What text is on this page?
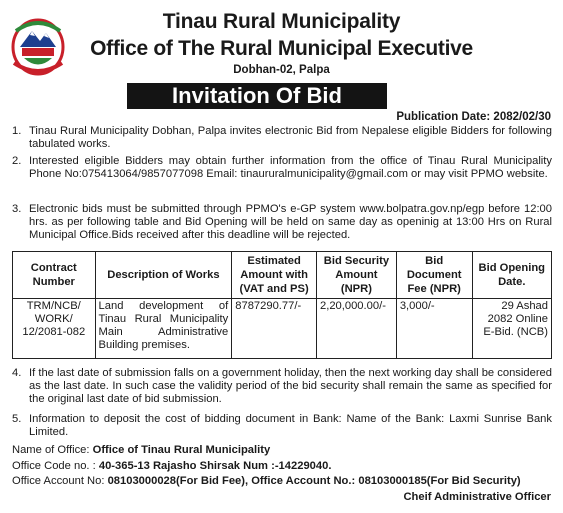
Tinau Rural Municipality
Office of The Rural Municipal Executive
Dobhan-02, Palpa
Invitation Of Bid
Publication Date: 2082/02/30
1. Tinau Rural Municipality Dobhan, Palpa invites electronic Bid from Nepalese eligible Bidders for following tabulated works.
2. Interested eligible Bidders may obtain further information from the office of Tinau Rural Municipality Phone No:075413064/9857077098 Email: tinaururalmunicipality@gmail.com or may visit PPMO website.
3. Electronic bids must be submitted through PPMO's e-GP system www.bolpatra.gov.np/egp before 12:00 hrs. as per following table and Bid Opening will be held on same day as openinig at 13:00 Hrs on Rural Municipal Office.Bids received after this deadline will be rejected.
Contract Number	Description of Works	Estimated Amount with (VAT and PS)	Bid Security Amount (NPR)	Bid Document Fee (NPR)	Bid Opening Date.
TRM/NCB/ WORK/ 12/2081-082	Land development of Tinau Rural Municipality Main Administrative Building premises.	8787290.77/-	2,20,000.00/-	3,000/-	29 Ashad 2082 Online E-Bid. (NCB)
4. If the last date of submission falls on a government holiday, then the next working day shall be considered as the last date. In such case the validity period of the bid security shall remain the same as specified for the original last date of bid submission.
5. Information to deposit the cost of bidding document in Bank: Name of the Bank: Laxmi Sunrise Bank Limited.
Name of Office: Office of Tinau Rural Municipality
Office Code no. : 40-365-13 Rajasho Shirsak Num :-14229040.
Office Account No: 08103000028(For Bid Fee), Office Account No.: 08103000185(For Bid Security)
Cheif Administrative Officer
